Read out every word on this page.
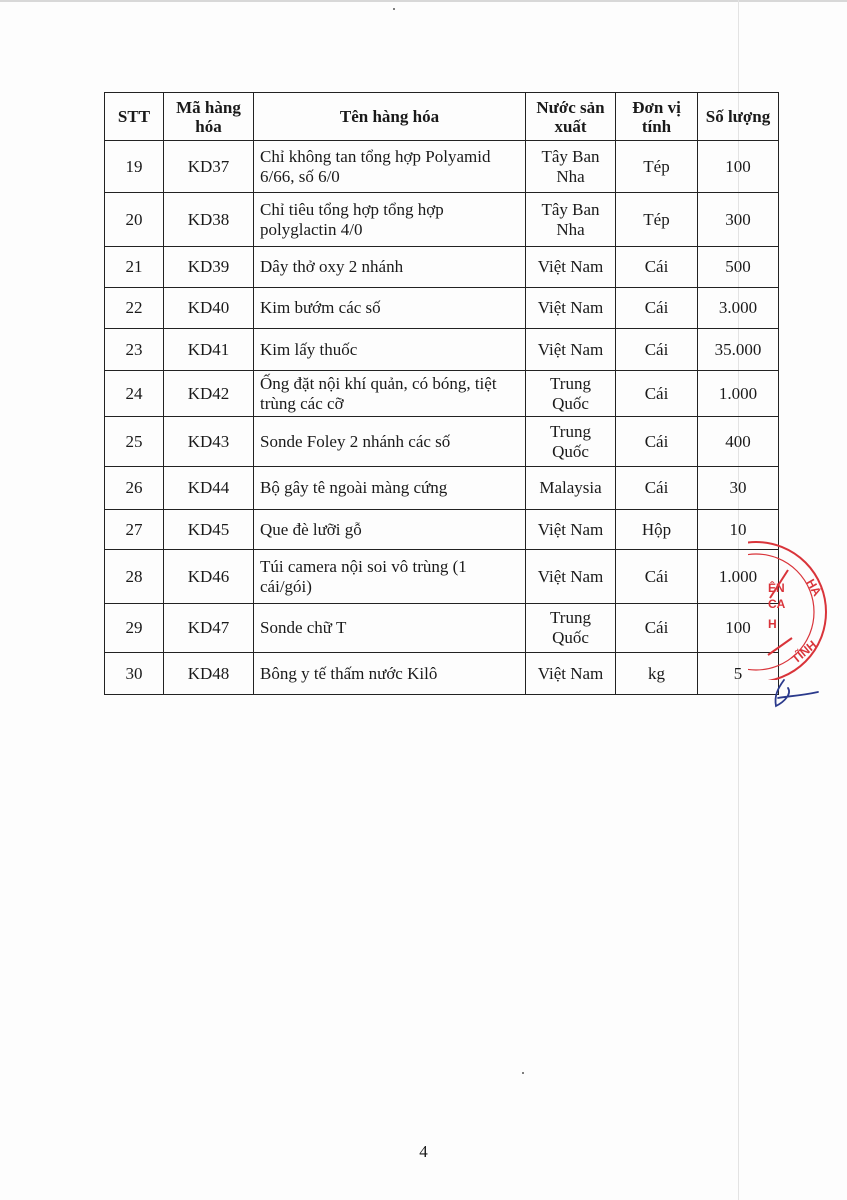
STT	Mã hàng hóa	Tên hàng hóa	Nước sản xuất	Đơn vị tính	Số lượng
19	KD37	Chỉ không tan tổng hợp Polyamid 6/66, số 6/0	Tây Ban Nha	Tép	100
20	KD38	Chỉ tiêu tổng hợp tổng hợp polyglactin 4/0	Tây Ban Nha	Tép	300
21	KD39	Dây thở oxy 2 nhánh	Việt Nam	Cái	500
22	KD40	Kim bướm các số	Việt Nam	Cái	3.000
23	KD41	Kim lấy thuốc	Việt Nam	Cái	35.000
24	KD42	Ống đặt nội khí quản, có bóng, tiệt trùng các cỡ	Trung Quốc	Cái	1.000
25	KD43	Sonde Foley 2 nhánh các số	Trung Quốc	Cái	400
26	KD44	Bộ gây tê ngoài màng cứng	Malaysia	Cái	30
27	KD45	Que đè lưỡi gỗ	Việt Nam	Hộp	10
28	KD46	Túi camera nội soi vô trùng (1 cái/gói)	Việt Nam	Cái	1.000
29	KD47	Sonde chữ T	Trung Quốc	Cái	100
30	KD48	Bông y tế thấm nước Kilô	Việt Nam	kg	5
HÀ
ÊN
CA
H
TĨNH
4
